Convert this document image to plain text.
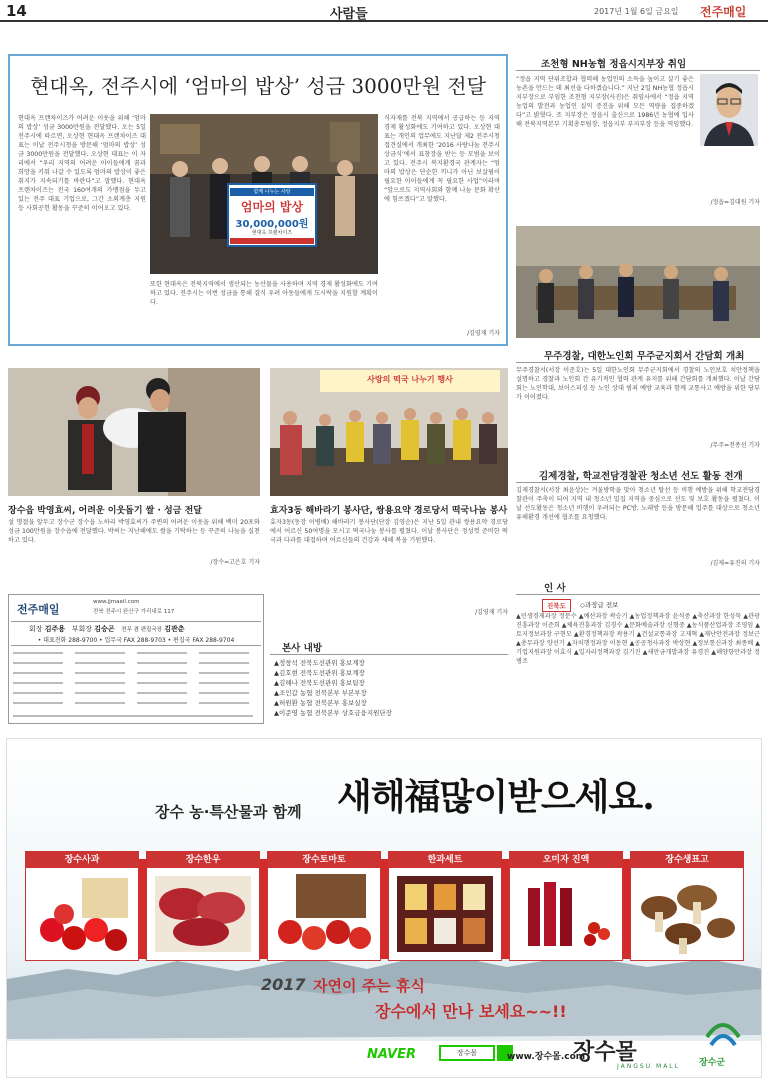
14	사람들	2017년 1월 6일 금요일 전주매일
현대옥, 전주시에 ‘엄마의 밥상’ 성금 3000만원 전달
현대옥 프랜차이즈가 어려운 이웃을 위해 ‘엄마의 밥상’ 성금 3000만원을 전달했다. 오는 5일 전주시에 따르면, 오상현 현대옥 프랜차이즈 대표는 이날 전주시청을 방문해 ‘엄마의 밥상’ 성금 3000만원을 전달했다. 오상현 대표는 이 자리에서 “우리 지역의 어려운 아이들에게 꿈과 희망을 키워 나갈 수 있도록 엄마의 밥상이 좋은 취지가 지속되기를 바란다”고 말했다. 현대옥 프랜차이즈는 전국 160여개의 가맹점을 두고 있는 전주 대표 기업으로, 그간 소외계층 지원 등 사회공헌 활동을 꾸준히 이어오고 있다.
함께 나누는 사랑
엄마의 밥상
30,000,000원
현대옥 프랜차이즈
또한 현대옥은 전북지역에서 생산되는 농산물을 사용하며 지역 경제 활성화에도 기여하고 있다. 전주시는 이번 성금을 통해 결식 우려 아동들에게 도시락을 지원할 계획이다.
식자재를 전북 지역에서 공급하는 등 지역경제 활성화에도 기여하고 있다. 오상현 대표는 개인의 업무에도 지난달 제2 전주시청 접견실에서 개최한 ‘2016 사랑나눔 전주시 상금식’에서 표창장을 받는 등 모범을 보이고 있다. 전주시 복지환경국 관계자는 “엄마의 밥상은 단순한 끼니가 아닌 보살핌이 필요한 아이들에게 꼭 필요한 사업”이라며 “앞으로도 지역사회와 함께 나눔 문화 확산에 힘쓰겠다”고 말했다.
/김영재 기자
조천형 NH농협 정읍시지부장 취임
“정읍 지역 단위조합과 협력해 농업인의 소득을 높이고 살기 좋은 농촌을 만드는 데 최선을 다하겠습니다.” 지난 2일 NH농협 정읍시지부장으로 부임한 조천형 지부장(사진)은 취임사에서 “정읍 지역 농업의 발전과 농업인 실익 증진을 위해 모든 역량을 집중하겠다”고 밝혔다. 조 지부장은 정읍시 출신으로 1986년 농협에 입사해 전북지역본부 기획총무팀장, 정읍지부 부지부장 등을 역임했다.
/정읍=김대원 기자
무주경찰, 대한노인회 무주군지회서 간담회 개최
무주경찰서(서장 이준호)는 5일 대한노인회 무주군지회에서 경찰의 노인보호 치안정책을 설명하고 경찰과 노인회 간 유기적인 협력 관계 유지를 위해 간담회를 개최했다. 이날 간담회는 노인학대, 보이스피싱 등 노인 상대 범죄 예방 교육과 함께 교통사고 예방을 위한 당부가 이어졌다.
/무주=전종선 기자
김제경찰, 학교전담경찰관 청소년 선도 활동 전개
김제경찰서(서장 최윤상)는 겨울방학을 맞아 청소년 탈선 등 비행 예방을 위해 학교전담경찰관이 주축이 되어 지역 내 청소년 밀집 지역을 중심으로 선도 및 보호 활동을 펼쳤다. 이날 선도활동은 청소년 비행이 우려되는 PC방, 노래방 등을 방문해 업주를 대상으로 청소년 유해환경 개선에 협조를 요청했다.
/김제=유진의 기자
사랑의 떡국 나누기 행사
장수읍 박영효씨, 어려운 이웃돕기 쌀 · 성금 전달
설 명절을 앞두고 장수군 장수읍 노하리 박영효씨가 주변의 어려운 이웃을 위해 백미 20포와 성금 100만원을 장수읍에 전달했다. 박씨는 지난해에도 쌀을 기탁하는 등 꾸준히 나눔을 실천하고 있다.
/장수=고은호 기자
효자3동 해바라기 봉사단, 쌍용요약 경로당서 떡국나눔 봉사
효자3동(동장 이병배) 해바라기 봉사단(단장 김영순)은 지난 5일 관내 쌍용요약 경로당에서 어르신 50여명을 모시고 떡국나눔 봉사를 펼쳤다. 이날 봉사단은 정성껏 준비한 떡국과 다과를 대접하며 어르신들의 건강과 새해 복을 기원했다.
/김영재 기자
전주매일
www.jjmaeil.com
전북 전주시 완산구 가리내로 117
회장 김주용 부회장 김승곤 전무 겸 편집국장 김관춘
• 대표전화 288-9700 • 업무국 FAX 288-9703 • 편집국 FAX 288-9704
본사 내방
▲정창석 전북도선관위 홍보계장
▲김호현 전북도선관위 홍보계장
▲김해나 전북도선관위 홍보팀장
▲조인갑 농협 전북본부 부본부장
▲허원환 농협 전북본부 홍보실장
▲이준영 농협 전북본부 상호금융지원단장
인 사
진북도	◇과장급 전보
▲민생경제과장 정문수 ▲예산과장 곽승기 ▲농업정책과장 윤석중 ▲축산과장 한성묵 ▲관광진흥과장 이준희 ▲체육진흥과장 김경수 ▲문화예술과장 신형중 ▲농식품산업과장 조영임 ▲토지정보과장 구현모 ▲환경정책과장 곽용기 ▲건설교통과장 고재혁 ▲재난안전과장 정보근 ▲총무과장 양선기 ▲자치행정과장 이동현 ▲공공청사과장 박상현 ▲정보통신과장 최종배 ▲기업지원과장 이효식 ▲일자리정책과장 김기진 ▲새만금개발과장 유경진 ▲해양항만과장 정병조
장수 농·특산물과 함께 새해福많이받으세요.
장수사과	장수한우	장수토마토	한과세트	오미자 진액	장수생표고
2017 자연이 주는 휴식
장수에서 만나 보세요~~!!
NAVER	장수몰	www.장수몰.com
장수몰
JANGSU MALL 장수군
